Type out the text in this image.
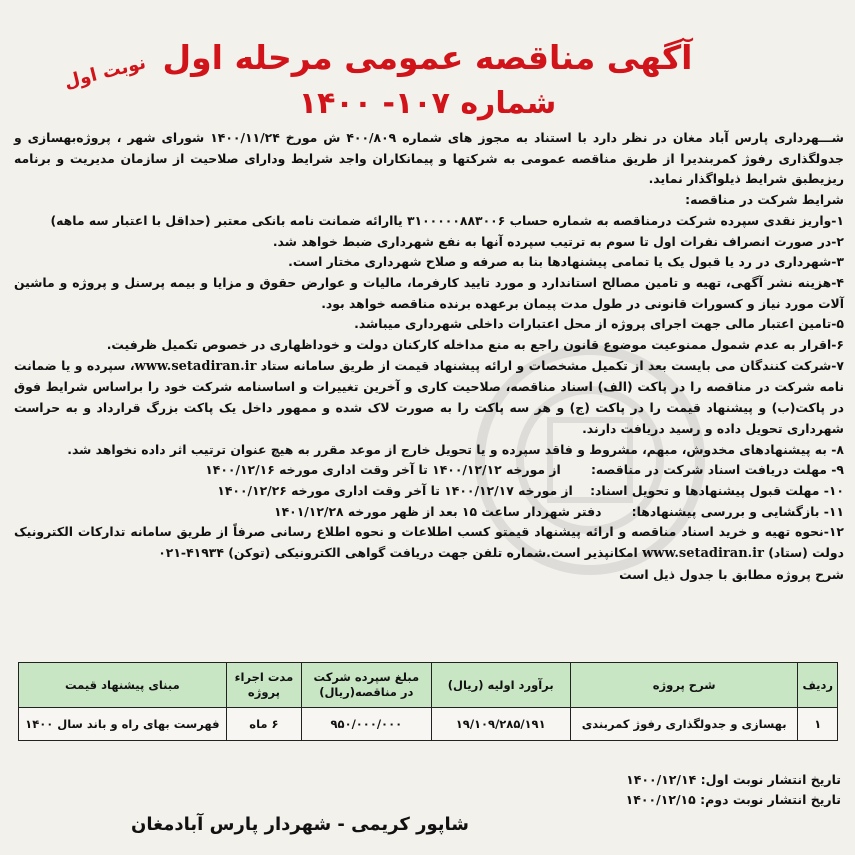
نوبت اول آگهی مناقصه عمومی مرحله اول
شماره ۱۰۷- ۱۴۰۰

شـــهرداری پارس آباد مغان در نظر دارد با استناد به مجوز های شماره ۴۰۰/۸۰۹ ش مورخ ۱۴۰۰/۱۱/۲۴ شورای شهر ، پروژه‌بهسازی و جدولگذاری رفوژ کمربندیرا از طریق مناقصه عمومی به شرکتها و پیمانکاران واجد شرایط ودارای صلاحیت از سازمان مدیریت و برنامه ریزیطبق شرایط ذیلواگذار نماید.

شرایط شرکت در مناقصه:

۱-واریز نقدی سپرده شرکت درمناقصه به شماره حساب ۳۱۰۰۰۰۰۸۸۳۰۰۶ یاارائه ضمانت نامه بانکی معتبر (حداقل با اعتبار سه ماهه)

۲-در صورت انصراف نفرات اول تا سوم به ترتیب سپرده آنها به نفع شهرداری ضبط خواهد شد.

۳-شهرداری در رد یا قبول یک یا تمامی پیشنهادها بنا به صرفه و صلاح شهرداری مختار است.

۴-هزینه نشر آگهی، تهیه و تامین مصالح استاندارد و مورد تایید کارفرما، مالیات و عوارض حقوق و مزایا و بیمه پرسنل و پروژه و ماشین آلات مورد نیاز و کسورات قانونی در طول مدت پیمان برعهده برنده مناقصه خواهد بود.

۵-تامین اعتبار مالی جهت اجرای پروژه از محل اعتبارات داخلی شهرداری میباشد.

۶-اقرار به عدم شمول ممنوعیت موضوع قانون راجع به منع مداخله کارکنان دولت و خوداظهاری در خصوص تکمیل ظرفیت.

۷-شرکت کنندگان می بایست بعد از تکمیل مشخصات و ارائه پیشنهاد قیمت از طریق سامانه ستاد www.setadiran.ir، سپرده و یا ضمانت نامه شرکت در مناقصه را در پاکت (الف) اسناد مناقصه، صلاحیت کاری و آخرین تغییرات و اساسنامه شرکت خود را براساس شرایط فوق در پاکت(ب) و پیشنهاد قیمت را در پاکت (ج) و هر سه پاکت را به صورت لاک شده و ممهور داخل یک پاکت بزرگ قرارداد و به حراست شهرداری تحویل داده و رسید دریافت دارند.

۸- به پیشنهادهای مخدوش، مبهم، مشروط و فاقد سپرده و یا تحویل خارج از موعد مقرر به هیچ عنوان ترتیب اثر داده نخواهد شد.

۹- مهلت دریافت اسناد شرکت در مناقصه:       از مورخه ۱۴۰۰/۱۲/۱۲ تا آخر وقت اداری مورخه ۱۴۰۰/۱۲/۱۶

۱۰- مهلت قبول پیشنهادها و تحویل اسناد:    از مورخه ۱۴۰۰/۱۲/۱۷ تا آخر وقت اداری مورخه ۱۴۰۰/۱۲/۲۶

۱۱- بازگشایی و بررسی پیشنهادها:       دفتر شهردار ساعت ۱۵ بعد از ظهر مورخه ۱۴۰۱/۱۲/۲۸

۱۲-نحوه تهیه و خرید اسناد مناقصه و ارائه پیشنهاد قیمتو کسب اطلاعات و نحوه اطلاع رسانی صرفاً از طریق سامانه تدارکات الکترونیک دولت (ستاد) www.setadiran.ir امکانپذیر است.شماره تلفن جهت دریافت گواهی الکترونیکی (توکن) ۴۱۹۳۴-۰۲۱

شرح پروژه مطابق با جدول ذیل است

ردیف	شرح پروژه	برآورد اولیه (ریال)	مبلغ سپرده شرکت در مناقصه(ریال)	مدت اجراء پروژه	مبنای پیشنهاد قیمت
۱	بهسازی و جدولگذاری رفوژ کمربندی	۱۹/۱۰۹/۲۸۵/۱۹۱	۹۵۰/۰۰۰/۰۰۰	۶ ماه	فهرست بهای راه و باند سال ۱۴۰۰
تاریخ انتشار نوبت اول: ۱۴۰۰/۱۲/۱۴
تاریخ انتشار نوبت دوم: ۱۴۰۰/۱۲/۱۵
شاپور کریمی - شهردار پارس آبادمغان
